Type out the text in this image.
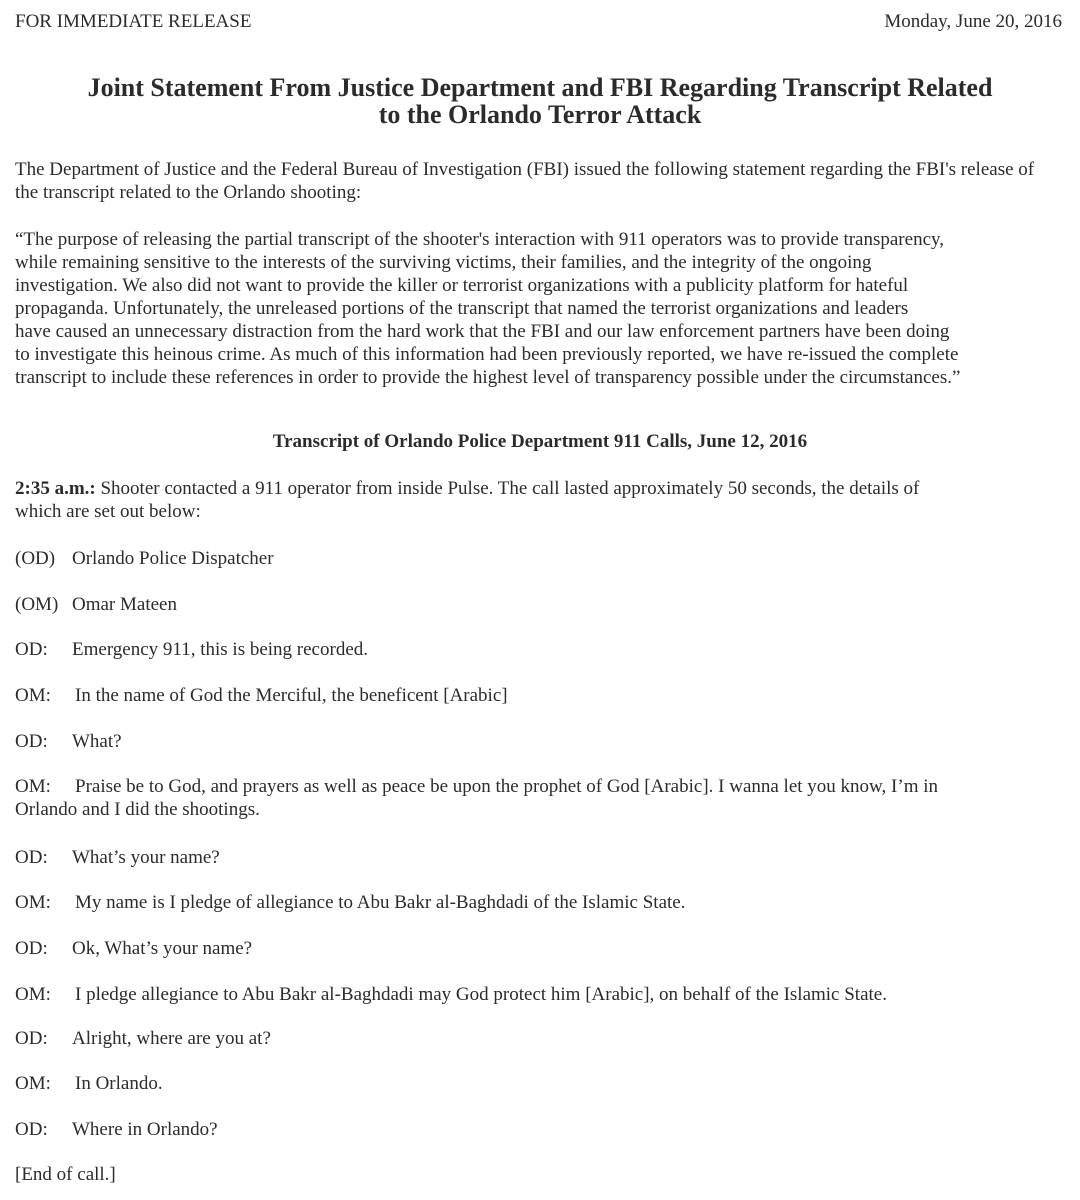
FOR IMMEDIATE RELEASE	Monday, June 20, 2016
Joint Statement From Justice Department and FBI Regarding Transcript Related
to the Orlando Terror Attack

The Department of Justice and the Federal Bureau of Investigation (FBI) issued the following statement regarding the FBI's release of the transcript related to the Orlando shooting:

“The purpose of releasing the partial transcript of the shooter's interaction with 911 operators was to provide transparency,
while remaining sensitive to the interests of the surviving victims, their families, and the integrity of the ongoing
investigation. We also did not want to provide the killer or terrorist organizations with a publicity platform for hateful
propaganda. Unfortunately, the unreleased portions of the transcript that named the terrorist organizations and leaders
have caused an unnecessary distraction from the hard work that the FBI and our law enforcement partners have been doing
to investigate this heinous crime. As much of this information had been previously reported, we have re-issued the complete
transcript to include these references in order to provide the highest level of transparency possible under the circumstances.”
Transcript of Orlando Police Department 911 Calls, June 12, 2016
2:35 a.m.: Shooter contacted a 911 operator from inside Pulse. The call lasted approximately 50 seconds, the details of
which are set out below:
(OD) Orlando Police Dispatcher
(OM) Omar Mateen
OD: Emergency 911, this is being recorded.
OM: In the name of God the Merciful, the beneficent [Arabic]
OD: What?
OM: Praise be to God, and prayers as well as peace be upon the prophet of God [Arabic]. I wanna let you know, I’m in
Orlando and I did the shootings.
OD: What’s your name?
OM: My name is I pledge of allegiance to Abu Bakr al-Baghdadi of the Islamic State.
OD: Ok, What’s your name?
OM: I pledge allegiance to Abu Bakr al-Baghdadi may God protect him [Arabic], on behalf of the Islamic State.
OD: Alright, where are you at?
OM: In Orlando.
OD: Where in Orlando?
[End of call.]
